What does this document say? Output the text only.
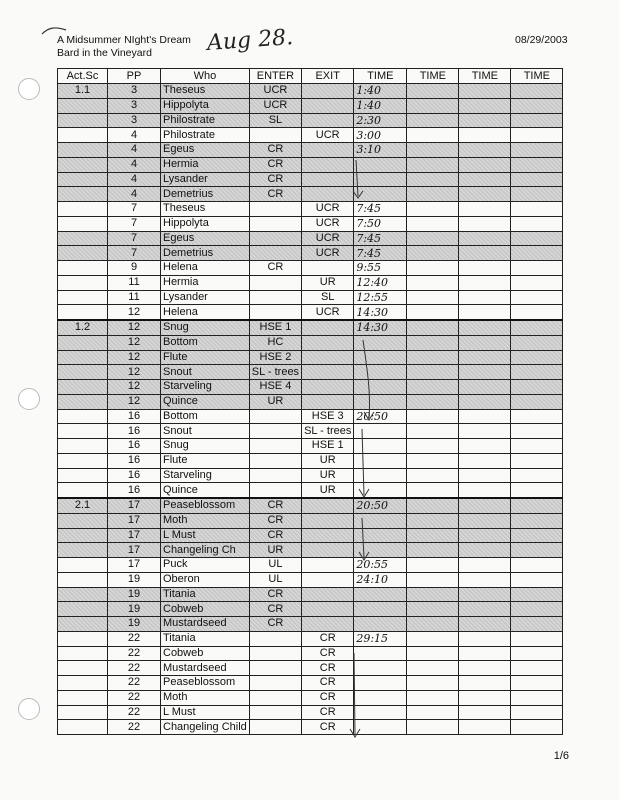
A Midsummer NIght's Dream
Bard in the Vineyard
08/29/2003
Aug 28.
Act.Sc	PP	Who	ENTER	EXIT	TIME	TIME	TIME	TIME
1.1	3	Theseus	UCR		1:40			
	3	Hippolyta	UCR		1:40			
	3	Philostrate	SL		2:30			
	4	Philostrate		UCR	3:00			
	4	Egeus	CR		3:10			
	4	Hermia	CR					
	4	Lysander	CR					
	4	Demetrius	CR					
	7	Theseus		UCR	7:45			
	7	Hippolyta		UCR	7:50			
	7	Egeus		UCR	7:45			
	7	Demetrius		UCR	7:45			
	9	Helena	CR		9:55			
	11	Hermia		UR	12:40			
	11	Lysander		SL	12:55			
	12	Helena		UCR	14:30			
1.2	12	Snug	HSE 1		14:30			
	12	Bottom	HC					
	12	Flute	HSE 2					
	12	Snout	SL - trees					
	12	Starveling	HSE 4					
	12	Quince	UR					
	16	Bottom		HSE 3	20:50			
	16	Snout		SL - trees				
	16	Snug		HSE 1				
	16	Flute		UR				
	16	Starveling		UR				
	16	Quince		UR				
2.1	17	Peaseblossom	CR		20:50			
	17	Moth	CR					
	17	L Must	CR					
	17	Changeling Ch	UR					
	17	Puck	UL		20:55			
	19	Oberon	UL		24:10			
	19	Titania	CR					
	19	Cobweb	CR					
	19	Mustardseed	CR					
	22	Titania		CR	29:15			
	22	Cobweb		CR				
	22	Mustardseed		CR				
	22	Peaseblossom		CR				
	22	Moth		CR				
	22	L Must		CR				
	22	Changeling Child		CR				
1/6
